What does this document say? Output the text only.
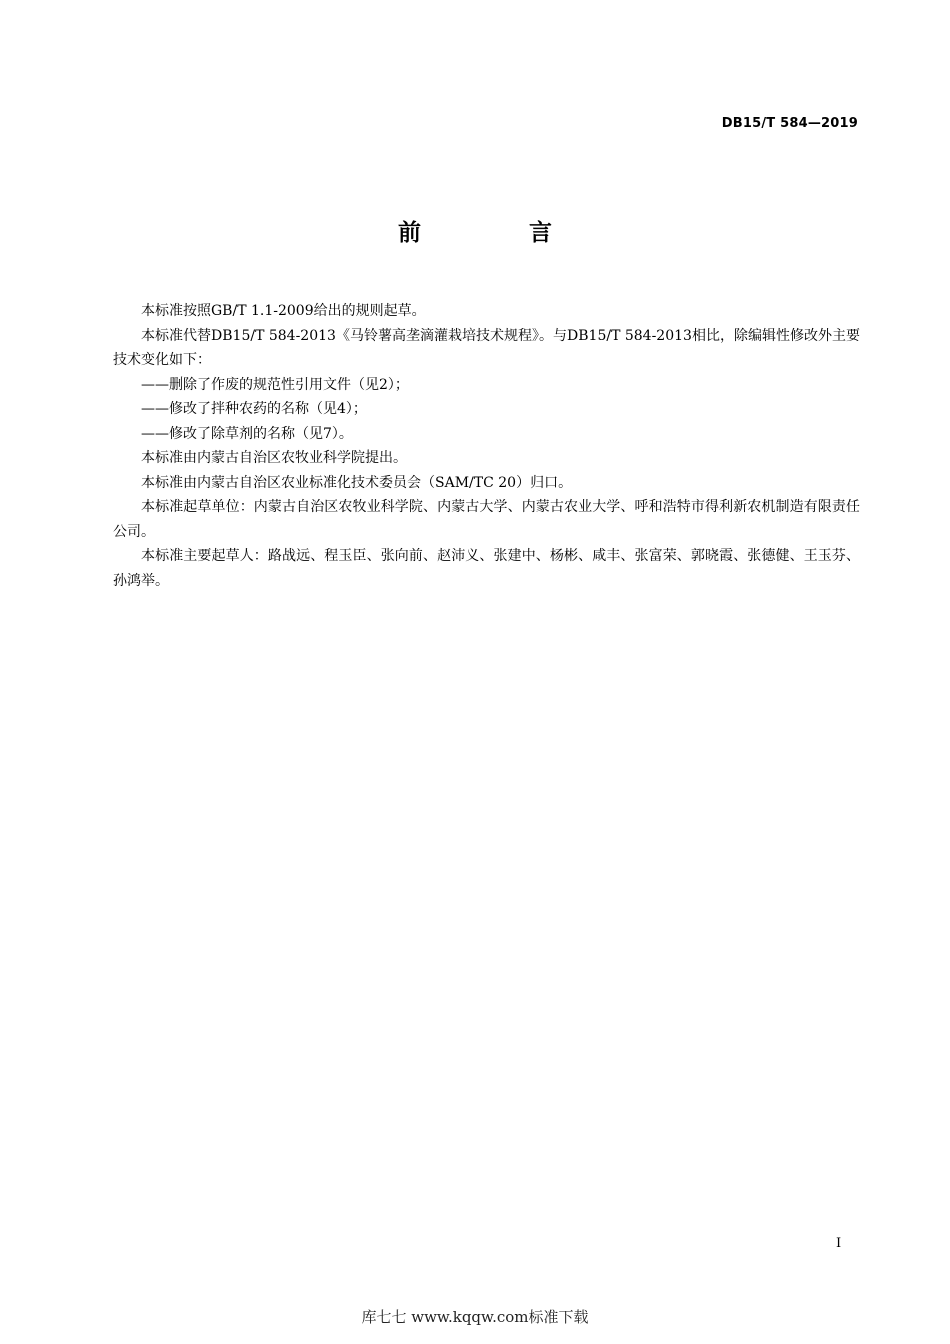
DB15/T 584—2019
前 言

本标准按照GB/T 1.1-2009给出的规则起草。

本标准代替DB15/T 584-2013《马铃薯高垄滴灌栽培技术规程》。与DB15/T 584-2013相比，除编辑性修改外主要技术变化如下：

——删除了作废的规范性引用文件（见2）；

——修改了拌种农药的名称（见4）；

——修改了除草剂的名称（见7）。

本标准由内蒙古自治区农牧业科学院提出。

本标准由内蒙古自治区农业标准化技术委员会（SAM/TC 20）归口。

本标准起草单位：内蒙古自治区农牧业科学院、内蒙古大学、内蒙古农业大学、呼和浩特市得利新农机制造有限责任公司。

本标准主要起草人：路战远、程玉臣、张向前、赵沛义、张建中、杨彬、咸丰、张富荣、郭晓霞、张德健、王玉芬、孙鸿举。

I
库七七 www.kqqw.com标准下载
